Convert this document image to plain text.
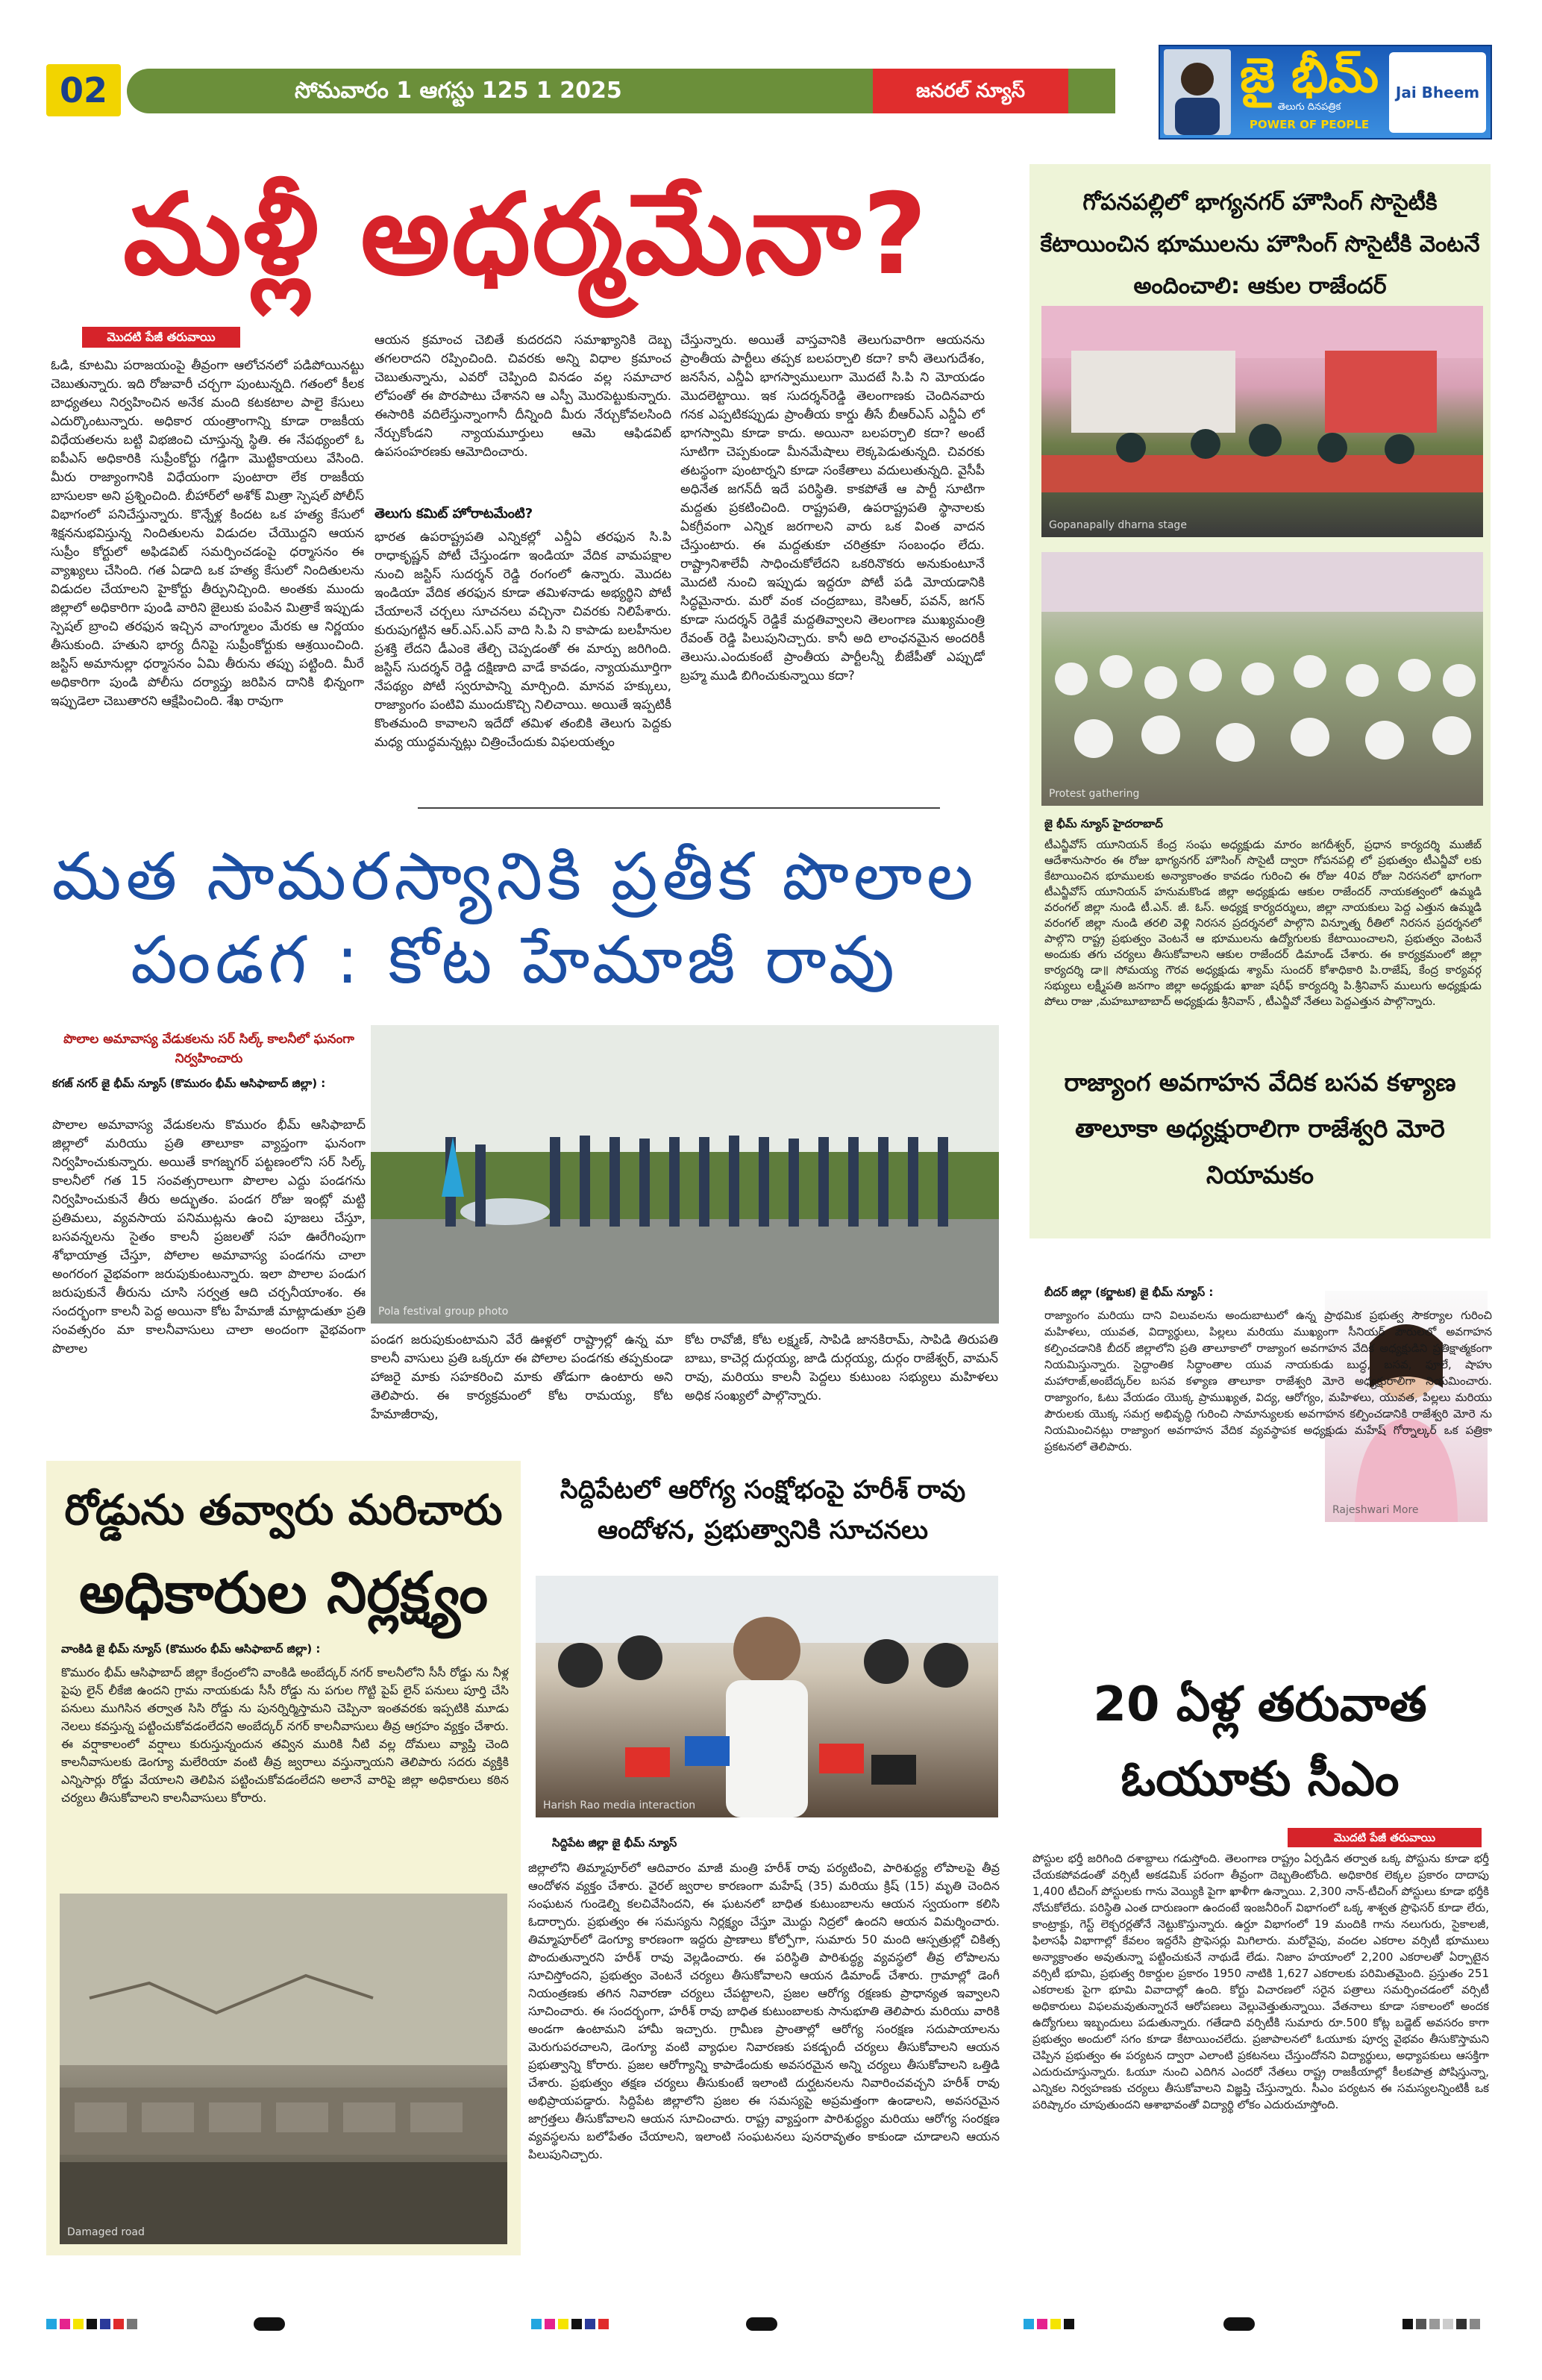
02	సోమవారం 1 ఆగస్టు 125 1 2025	జనరల్ న్యూస్	జై భీమ్
తెలుగు దినపత్రిక
POWER OF PEOPLE
Jai Bheem
మళ్లీ అధర్మమేనా?
మొదటి పేజీ తరువాయి
ఓడి, కూటమి పరాజయంపై తీవ్రంగా ఆలోచనలో పడిపోయినట్టు చెబుతున్నారు. ఇది రోజువారీ చర్చగా పుంటున్నది. గతంలో కీలక బాధ్యతలు నిర్వహించిన అనేక మంది కటకటాల పాలై కేసులు ఎదుర్కొంటున్నారు. అధికార యంత్రాంగాన్ని కూడా రాజకీయ విధేయతలను బట్టి విభజించి చూస్తున్న స్థితి. ఈ నేపథ్యంలో ఓ ఐపీఎస్ అధికారికి సుప్రీంకోర్టు గడ్డిగా మొట్టికాయలు వేసింది. మీరు రాజ్యాంగానికి విధేయంగా పుంటారా లేక రాజకీయ బాసులకా అని ప్రశ్నించింది. బీహార్‌లో అశోక్ మిత్రా స్పెషల్ పోలీస్ విభాగంలో పనిచేస్తున్నారు. కొన్నేళ్ల కిందట ఒక హత్య కేసులో శిక్షననుభవిస్తున్న నిందితులను విడుదల చేయొద్దని ఆయన సుప్రీం కోర్టులో అఫిడవిట్ సమర్పించడంపై ధర్మాసనం ఈ వ్యాఖ్యలు చేసింది. గత ఏడాది ఒక హత్య కేసులో నిందితులను విడుదల చేయాలని హైకోర్టు తీర్పునిచ్చింది. అంతకు ముందు జిల్లాలో అధికారిగా పుండి వారిని జైలుకు పంపిన మిత్రాకే ఇప్పుడు స్పెషల్ బ్రాంచి తరఫున ఇచ్చిన వాంగ్మూలం మేరకు ఆ నిర్ణయం తీసుకుంది. హతుని భార్య దీనిపై సుప్రీంకోర్టుకు ఆశ్రయించింది. జస్టిస్ అమానుల్లా ధర్మాసనం ఏమి తీరును తప్పు పట్టింది. మీరే అధికారిగా పుండి పోలీసు దర్యాప్తు జరిపిన దానికి భిన్నంగా ఇప్పుడెలా చెబుతారని ఆక్షేపించింది. శేఖ రావుగా
ఆయన క్రమాంచ చెబితే కుదరదని సమాఖ్యానికి దెబ్బ తగలరాదని రప్పించింది. చివరకు అన్ని విధాల క్రమాంచ చెబుతున్నాను, ఎవరో చెప్పింది వినడం వల్ల సమాచార లోపంతో ఈ పొరపాటు చేశానని ఆ ఎస్పీ మొరపెట్టుకున్నారు. ఈసారికి వదిలేస్తున్నాంగానీ దీన్నింది మీరు నేర్చుకోవలసింది నేర్చుకోండని న్యాయమూర్తులు ఆమె ఆఫిడవిట్ ఉపసంహరణకు ఆమోదించారు.
తెలుగు కమిట్ హోరాటమేంటి?
భారత ఉపరాష్ట్రపతి ఎన్నికల్లో ఎన్డీఏ తరఫున సి.పి రాధాకృష్ణన్ పోటీ చేస్తుండగా ఇండియా వేదిక వామపక్షాల నుంచి జస్టిస్ సుదర్శన్ రెడ్డి రంగంలో ఉన్నారు. మొదట ఇండియా వేదిక తరఫున కూడా తమిళనాడు అభ్యర్థిని పోటీ చేయాలనే చర్చలు సూచనలు వచ్చినా చివరకు నిలిపేశారు. కురుపుగట్టిన ఆర్.ఎస్.ఎస్ వాది సి.పి ని కాపాడు బలహీనుల ప్రశక్తి లేదని డీఎంకె తేల్చి చెప్పడంతో ఈ మార్పు జరిగింది. జస్టిస్ సుదర్శన్ రెడ్డి దక్షిణాది వాడే కావడం, న్యాయమూర్తిగా నేపథ్యం పోటీ స్వరూపాన్ని మార్చింది. మానవ హక్కులు, రాజ్యాంగం పంటివి ముందుకొచ్చి నిలిచాయి. అయితే ఇప్పటికీ కొంతమంది కావాలని ఇదేదో తమిళ తంబికి తెలుగు పెద్దకు మధ్య యుద్ధమన్నట్లు చిత్రించేందుకు విఫలయత్నం
చేస్తున్నారు. అయితే వాస్తవానికి తెలుగువారిగా ఆయనను ప్రాంతీయ పార్టీలు తప్పక బలపర్చాలి కదా? కానీ తెలుగుదేశం, జనసేన, ఎన్డీఏ భాగస్వాములుగా మొదటే సి.పి ని మోయడం మొదలెట్టాయి. ఇక సుదర్శన్‌రెడ్డి తెలంగాణకు చెందినవారు గనక ఎప్పటికప్పుడు ప్రాంతీయ కార్డు తీసే బీఆర్ఎస్ ఎన్డీఏ లో భాగస్వామి కూడా కాదు. అయినా బలపర్చాలి కదా? అంటే సూటిగా చెప్పకుండా మీనమేషాలు లెక్కపెడుతున్నది. చివరకు తటస్థంగా పుంటార్నని కూడా సంకేతాలు వదులుతున్నది. వైసీపీ అధినేత జగన్‌దీ ఇదే పరిస్థితి. కాకపోతే ఆ పార్టీ సూటిగా మద్దతు ప్రకటించింది. రాష్ట్రపతి, ఉపరాష్ట్రపతి స్థానాలకు ఏకగ్రీవంగా ఎన్నిక జరగాలని వారు ఒక వింత వాదన చేస్తుంటారు. ఈ మద్దతుకూ చరిత్రకూ సంబంధం లేదు. రాష్ట్రానిశాలేవీ సాధించుకోలేదని ఒకరినొకరు అనుకుంటూనే మొదటి నుంచి ఇప్పుడు ఇద్దరూ పోటీ పడి మోయడానికి సిద్ధమైనారు. మరో వంక చంద్రబాబు, కెసిఆర్, పవన్, జగన్ కూడా సుదర్శన్ రెడ్డికే మద్దతివ్వాలని తెలంగాణ ముఖ్యమంత్రి రేవంత్ రెడ్డి పిలుపునిచ్చారు. కానీ అది లాంఛనమైన అందరికీ తెలుసు.ఎందుకంటే ప్రాంతీయ పార్టీలన్నీ బీజేపీతో ఎప్పుడో బ్రహ్మ ముడి బిగించుకున్నాయి కదా?
మత సామరస్యానికి ప్రతీక పొలాల
పండగ : కోట హేమాజీ రావు
పొలాల అమావాస్య వేడుకలను సర్ సిల్క్ కాలనీలో ఘనంగా నిర్వహించారు
కగజ్ నగర్ జై భీమ్ న్యూస్ (కొమురం భీమ్ ఆసిఫాబాద్ జిల్లా) :
పొలాల అమావాస్య వేడుకలను కొమురం భీమ్ ఆసిఫాబాద్ జిల్లాలో మరియు ప్రతి తాలూకా వ్యాప్తంగా ఘనంగా నిర్వహించుకున్నారు. అయితే కాగజ్నగర్ పట్టణంలోని సర్ సిల్క్ కాలనీలో గత 15 సంవత్సరాలుగా పొలాల ఎద్దు పండగను నిర్వహించుకునే తీరు అద్భుతం. పండగ రోజు ఇంట్లో మట్టి ప్రతిమలు, వ్యవసాయ పనిముట్లను ఉంచి పూజలు చేస్తూ, బసవన్నలను సైతం కాలనీ ప్రజలతో సహ ఊరేగింపుగా శోభాయాత్ర చేస్తూ, పోలాల అమావాస్య పండగను చాలా అంగరంగ వైభవంగా జరుపుకుంటున్నారు. ఇలా పొలాల పండుగ జరుపుకునే తీరును చూసి సర్వత్ర ఆది చర్చనీయాంశం. ఈ సందర్భంగా కాలనీ పెద్ద అయినా కోట హేమాజీ మాట్లాడుతూ ప్రతి సంవత్సరం మా కాలనీవాసులు చాలా అందంగా వైభవంగా పొలాల
Pola festival group photo
పండగ జరుపుకుంటామని వేరే ఊళ్లలో రాష్ట్రాల్లో ఉన్న మా కాలనీ వాసులు ప్రతి ఒక్కరూ ఈ పోలాల పండగకు తప్పకుండా హాజరై మాకు సహకరించి మాకు తోడుగా ఉంటారు అని తెలిపారు. ఈ కార్యక్రమంలో కోట రామయ్య, కోట హేమాజీరావు,
కోట రావోజీ, కోట లక్ష్మణ్, సాపిడి జానకిరామ్, సాపిడి తిరుపతి బాబు, కాచెర్ల దుర్గయ్య, జాడి దుర్గయ్య, దుర్గం రాజేశ్వర్, వామన్ రావు, మరియు కాలనీ పెద్దలు కుటుంబ సభ్యులు మహిళలు అధిక సంఖ్యలో పాల్గొన్నారు.
రోడ్డును తవ్వారు మరిచారు
అధికారుల నిర్లక్ష్యం
వాంకిడి జై భీమ్ న్యూస్ (కొమురం భీమ్ ఆసిఫాబాద్ జిల్లా) :
కొమురం భీమ్ ఆసిఫాబాద్ జిల్లా కేంద్రంలోని వాంకిడి అంబేద్కర్ నగర్ కాలనీలోని సీసీ రోడ్డు ను నీళ్ల పైపు లైన్ లీకేజి ఉందని గ్రామ నాయకుడు సీసీ రోడ్డు ను పగుల గొట్టి పైప్ లైన్ పనులు పూర్తి చేసి పనులు ముగిసిన తర్వాత సిసి రోడ్డు ను పునర్నిర్మిస్తామని చెప్పినా ఇంతవరకు ఇప్పటికి మూడు నెలలు కవస్తున్న పట్టించుకోవడంలేదని అంబేద్కర్ నగర్ కాలనీవాసులు తీవ్ర ఆగ్రహం వ్యక్తం చేశారు. ఈ వర్షాకాలంలో వర్షాలు కురుస్తున్నందున తవ్విన మురికి నీటి వల్ల దోమలు వ్యాప్తి చెంది కాలనీవాసులకు డెంగ్యూ మలేరియా వంటి తీవ్ర జ్వరాలు వస్తున్నాయని తెలిపారు సదరు వ్యక్తికి ఎన్నిసార్లు రోడ్డు వేయాలని తెలిపిన పట్టించుకోవడంలేదని అలానే వారిపై జిల్లా అధికారులు కఠిన చర్యలు తీసుకోవాలని కాలనీవాసులు కోరారు.
Damaged road
సిద్దిపేటలో ఆరోగ్య సంక్షోభంపై హరీశ్ రావు ఆందోళన, ప్రభుత్వానికి సూచనలు
Harish Rao media interaction
సిద్దిపేట జిల్లా జై భీమ్ న్యూస్
జిల్లాలోని తిమ్మాపూర్‌లో ఆదివారం మాజీ మంత్రి హరీశ్ రావు పర్యటించి, పారిశుద్ధ్య లోపాలపై తీవ్ర ఆందోళన వ్యక్తం చేశారు. వైరల్ జ్వరాల కారణంగా మహేష్ (35) మరియు క్రిష్ (15) మృతి చెందిన సంఘటన గుండెల్ని కలచివేసిందని, ఈ ఘటనలో బాధిత కుటుంబాలను ఆయన స్వయంగా కలిసి ఓదార్చారు. ప్రభుత్వం ఈ సమస్యను నిర్లక్ష్యం చేస్తూ మొద్దు నిద్రలో ఉందని ఆయన విమర్శించారు. తిమ్మాపూర్‌లో డెంగ్యూ కారణంగా ఇద్దరు ప్రాణాలు కోల్పోగా, సుమారు 50 మంది ఆస్పత్రుల్లో చికిత్స పొందుతున్నారని హరీశ్ రావు వెల్లడించారు. ఈ పరిస్థితి పారిశుద్ధ్య వ్యవస్థలో తీవ్ర లోపాలను సూచిస్తోందని, ప్రభుత్వం వెంటనే చర్యలు తీసుకోవాలని ఆయన డిమాండ్ చేశారు. గ్రామాల్లో డెంగీ నియంత్రణకు తగిన నివారణా చర్యలు చేపట్టాలని, ప్రజల ఆరోగ్య రక్షణకు ప్రాధాన్యత ఇవ్వాలని సూచించారు. ఈ సందర్భంగా, హరీశ్ రావు బాధిత కుటుంబాలకు సానుభూతి తెలిపారు మరియు వారికి అండగా ఉంటామని హామీ ఇచ్చారు. గ్రామీణ ప్రాంతాల్లో ఆరోగ్య సంరక్షణ సదుపాయాలను మెరుగుపరచాలని, డెంగ్యూ వంటి వ్యాధుల నివారణకు పకడ్బందీ చర్యలు తీసుకోవాలని ఆయన ప్రభుత్వాన్ని కోరారు. ప్రజల ఆరోగ్యాన్ని కాపాడేందుకు అవసరమైన అన్ని చర్యలు తీసుకోవాలని ఒత్తిడి చేశారు. ప్రభుత్వం తక్షణ చర్యలు తీసుకుంటే ఇలాంటి దుర్ఘటనలను నివారించవచ్చని హరీశ్ రావు అభిప్రాయపడ్డారు. సిద్దిపేట జిల్లాలోని ప్రజల ఈ సమస్యపై అప్రమత్తంగా ఉండాలని, అవసరమైన జాగ్రత్తలు తీసుకోవాలని ఆయన సూచించారు. రాష్ట్ర వ్యాప్తంగా పారిశుద్ధ్యం మరియు ఆరోగ్య సంరక్షణ వ్యవస్థలను బలోపేతం చేయాలని, ఇలాంటి సంఘటనలు పునరావృతం కాకుండా చూడాలని ఆయన పిలుపునిచ్చారు.
గోపనపల్లిలో భాగ్యనగర్ హౌసింగ్ సొసైటీకి కేటాయించిన భూములను హౌసింగ్ సొసైటీకి వెంటనే అందించాలి: ఆకుల రాజేందర్
Gopanapally dharna stage
Protest gathering
జై భీమ్ న్యూస్ హైదరాబాద్
టీఎన్జీవోస్ యూనియన్ కేంద్ర సంఘ అధ్యక్షుడు మారం జగదీశ్వర్, ప్రధాన కార్యదర్శి ముజీబ్ ఆదేశానుసారం ఈ రోజు భాగ్యనగర్ హౌసింగ్ సొసైటీ ద్వారా గోపనపల్లి లో ప్రభుత్వం టీఎన్జీవో లకు కేటాయించిన భూములకు అన్యాకాంతం కావడం గురించి ఈ రోజు 40వ రోజు నిరసనలో భాగంగా టీఎన్జీవోస్ యూనియన్ హనుమకొండ జిల్లా అధ్యక్షుడు ఆకుల రాజేందర్ నాయకత్వంలో ఉమ్మడి వరంగల్ జిల్లా నుండి టీ.ఎన్. జీ. ఓస్. అధ్యక్ష కార్యదర్శులు, జిల్లా నాయకులు పెద్ద ఎత్తున ఉమ్మడి వరంగల్ జిల్లా నుండి తరలి వెళ్లి నిరసన ప్రదర్శనలో పాల్గొని విన్నూత్న రీతిలో నిరసన ప్రదర్శనలో పాల్గొని రాష్ట్ర ప్రభుత్వం వెంటనే ఆ భూములను ఉద్యోగులకు కేటాయించాలని, ప్రభుత్వం వెంటనే అందుకు తగు చర్యలు తీసుకోవాలని ఆకుల రాజేందర్ డిమాండ్ చేశారు. ఈ కార్యక్రమంలో జిల్లా కార్యదర్శి డా॥ సోమయ్య గౌరవ అధ్యక్షుడు శ్యామ్ సుందర్ కోశాధికారి పి.రాజేష్, కేంద్ర కార్యవర్గ సభ్యులు లక్ష్మీపతి జనగాం జిల్లా అధ్యక్షుడు ఖాజా షరీఫ్ కార్యదర్శి పి.శ్రీనివాస్ ములుగు అధ్యక్షుడు పోలు రాజు ,మహబూబాబాద్ అధ్యక్షుడు శ్రీనివాస్ , టీఎన్జీవో నేతలు పెద్దఎత్తున పాల్గొన్నారు.
రాజ్యాంగ అవగాహన వేదిక బసవ కళ్యాణ తాలూకా అధ్యక్షురాలిగా రాజేశ్వరి మోరె నియామకం
బీదర్ జిల్లా (కర్ణాటక) జై భీమ్ న్యూస్ :
Rajeshwari More
రాజ్యాంగం మరియు దాని విలువలను అందుబాటులో ఉన్న ప్రాథమిక ప్రభుత్వ సౌకర్యాల గురించి మహిళలు, యువత, విద్యార్థులు, పిల్లలు మరియు ముఖ్యంగా సీనియర్ పౌరులలో అవగాహన కల్పించడానికి బీదర్ జిల్లాలోని ప్రతి తాలూకాలో రాజ్యాంగ అవగాహన వేదిక అధ్యక్షుడిని ప్రతిక్షాత్మకంగా నియమిస్తున్నారు. సైద్ధాంతిక సిద్ధాంతాల యువ నాయకుడు బుద్ధ, బసవ, ఫూలే, షాహు మహారాజ్,అంబేద్కర్‌ల బసవ కళ్యాణ తాలూకా రాజేశ్వరి మోరె అధ్యక్షురాలిగా నియమించారు. రాజ్యాంగం, ఓటు వేయడం యొక్క ప్రాముఖ్యత, విద్య, ఆరోగ్యం, మహిళలు, యువత, పిల్లలు మరియు పౌరులకు యొక్క సమగ్ర అభివృద్ధి గురించి సామాన్యులకు అవగాహన కల్పించడానికి రాజేశ్వరి మోరె ను నియమించినట్లు రాజ్యాంగ అవగాహన వేదిక వ్యవస్థాపక అధ్యక్షుడు మహేష్ గోర్నాల్కర్ ఒక పత్రికా ప్రకటనలో తెలిపారు.
20 ఏళ్ల తరువాత
ఓయూకు సీఎం
మొదటి పేజీ తరువాయి
పోస్టుల భర్తీ జరిగింది దశాబ్దాలు గడుస్తోంది. తెలంగాణ రాష్ట్రం ఏర్పడిన తర్వాత ఒక్క పోస్టును కూడా భర్తీ చేయకపోవడంతో వర్సిటీ అకడమిక్ పరంగా తీవ్రంగా దెబ్బతింటోంది. అధికారిక లెక్కల ప్రకారం దాదాపు 1,400 టీచింగ్ పోస్టులకు గాను వెయ్యికి పైగా ఖాళీగా ఉన్నాయి. 2,300 నాన్-టీచింగ్ పోస్టులు కూడా భర్తీకి నోచుకోలేదు. పరిస్థితి ఎంత దారుణంగా ఉందంటే ఇంజనీరింగ్ విభాగంలో ఒక్క శాశ్వత ప్రొఫెసర్ కూడా లేరు, కాంట్రాక్టు, గెస్ట్ లెక్చరర్లతోనే నెట్టుకొస్తున్నారు. ఉర్దూ విభాగంలో 19 మందికి గాను నలుగురు, సైకాలజీ, ఫిలాసఫీ విభాగాల్లో కేవలం ఇద్దరేసి ప్రొఫెసర్లు మిగిలారు. మరోవైపు, వందల ఎకరాల వర్సిటీ భూములు అన్యాక్రాంతం అవుతున్నా పట్టించుకునే నాథుడే లేడు. నిజాం హయాంలో 2,200 ఎకరాలతో ఏర్పాటైన వర్సిటీ భూమి, ప్రభుత్వ రికార్డుల ప్రకారం 1950 నాటికి 1,627 ఎకరాలకు పరిమితమైంది. ప్రస్తుతం 251 ఎకరాలకు పైగా భూమి వివాదాల్లో ఉంది. కోర్టు విచారణలో సరైన పత్రాలు సమర్పించడంలో వర్సిటీ అధికారులు విఫలమవుతున్నారనే ఆరోపణలు వెల్లువెత్తుతున్నాయి. వేతనాలు కూడా సకాలంలో అందక ఉద్యోగులు ఇబ్బందులు పడుతున్నారు. గతేడాది వర్సిటీకి సుమారు రూ.500 కోట్ల బడ్జెట్ అవసరం కాగా ప్రభుత్వం అందులో సగం కూడా కేటాయించలేదు. ప్రజాపాలనలో ఓయూకు పూర్వ వైభవం తీసుకొస్తామని చెప్పిన ప్రభుత్వం ఈ పర్యటన ద్వారా ఎలాంటి ప్రకటనలు చేస్తుందోనని విద్యార్థులు, అధ్యాపకులు ఆసక్తిగా ఎదురుచూస్తున్నారు. ఓయూ నుంచి ఎదిగిన ఎందరో నేతలు రాష్ట్ర రాజకీయాల్లో కీలకపాత్ర పోషిస్తున్నా, ఎన్నికల నిర్వహణకు చర్యలు తీసుకోవాలని విజ్ఞప్తి చేస్తున్నారు. సీఎం పర్యటన ఈ సమస్యలన్నింటికీ ఒక పరిష్కారం చూపుతుందని ఆశాభావంతో విద్యార్థి లోకం ఎదురుచూస్తోంది.
